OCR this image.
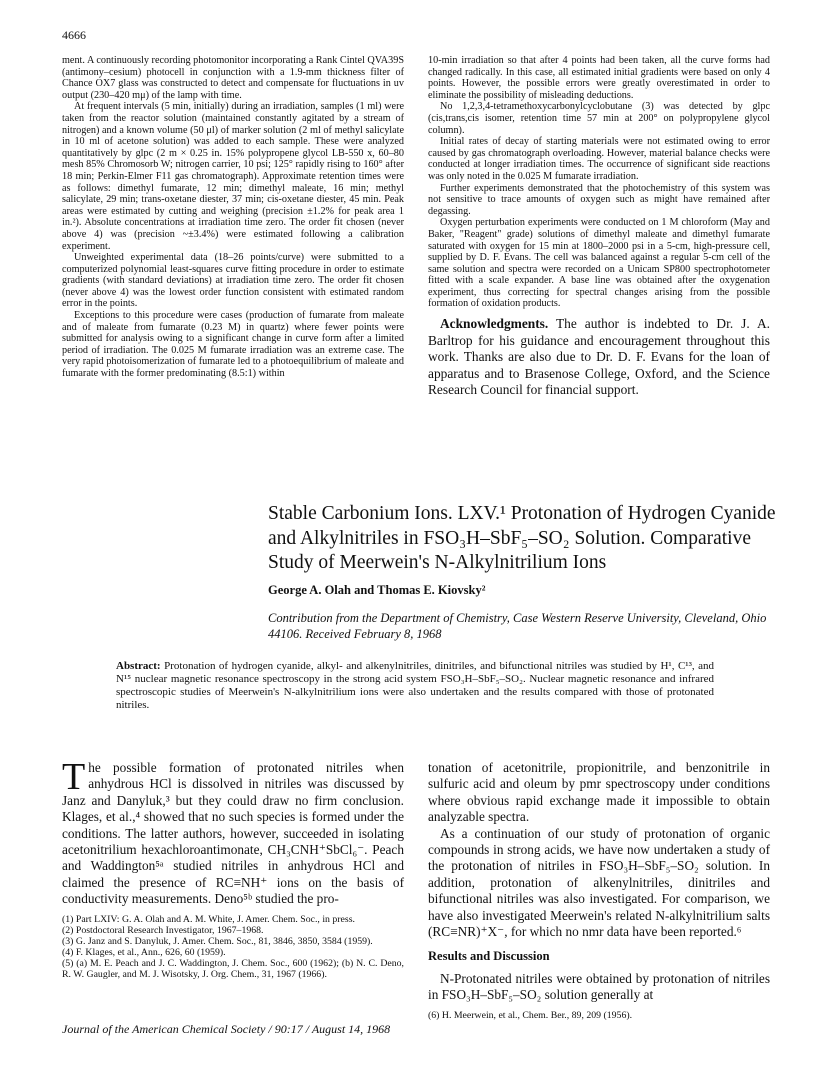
4666

ment. A continuously recording photomonitor incorporating a Rank Cintel QVA39S (antimony–cesium) photocell in conjunction with a 1.9-mm thickness filter of Chance OX7 glass was constructed to detect and compensate for fluctuations in uv output (230–420 mμ) of the lamp with time.

At frequent intervals (5 min, initially) during an irradiation, samples (1 ml) were taken from the reactor solution (maintained constantly agitated by a stream of nitrogen) and a known volume (50 μl) of marker solution (2 ml of methyl salicylate in 10 ml of acetone solution) was added to each sample. These were analyzed quantitatively by glpc (2 m × 0.25 in. 15% polypropene glycol LB-550 x, 60–80 mesh 85% Chromosorb W; nitrogen carrier, 10 psi; 125° rapidly rising to 160° after 18 min; Perkin-Elmer F11 gas chromatograph). Approximate retention times were as follows: dimethyl fumarate, 12 min; dimethyl maleate, 16 min; methyl salicylate, 29 min; trans-oxetane diester, 37 min; cis-oxetane diester, 45 min. Peak areas were estimated by cutting and weighing (precision ±1.2% for peak area 1 in.²). Absolute concentrations at irradiation time zero. The order fit chosen (never above 4) was (precision ~±3.4%) were estimated following a calibration experiment.

Unweighted experimental data (18–26 points/curve) were submitted to a computerized polynomial least-squares curve fitting procedure in order to estimate gradients (with standard deviations) at irradiation time zero. The order fit chosen (never above 4) was the lowest order function consistent with estimated random error in the points.

Exceptions to this procedure were cases (production of fumarate from maleate and of maleate from fumarate (0.23 M) in quartz) where fewer points were submitted for analysis owing to a significant change in curve form after a limited period of irradiation. The 0.025 M fumarate irradiation was an extreme case. The very rapid photoisomerization of fumarate led to a photoequilibrium of maleate and fumarate with the former predominating (8.5:1) within

10-min irradiation so that after 4 points had been taken, all the curve forms had changed radically. In this case, all estimated initial gradients were based on only 4 points. However, the possible errors were greatly overestimated in order to eliminate the possibility of misleading deductions.

No 1,2,3,4-tetramethoxycarbonylcyclobutane (3) was detected by glpc (cis,trans,cis isomer, retention time 57 min at 200° on polypropylene glycol column).

Initial rates of decay of starting materials were not estimated owing to error caused by gas chromatograph overloading. However, material balance checks were conducted at longer irradiation times. The occurrence of significant side reactions was only noted in the 0.025 M fumarate irradiation.

Further experiments demonstrated that the photochemistry of this system was not sensitive to trace amounts of oxygen such as might have remained after degassing.

Oxygen perturbation experiments were conducted on 1 M chloroform (May and Baker, "Reagent" grade) solutions of dimethyl maleate and dimethyl fumarate saturated with oxygen for 15 min at 1800–2000 psi in a 5-cm, high-pressure cell, supplied by D. F. Evans. The cell was balanced against a regular 5-cm cell of the same solution and spectra were recorded on a Unicam SP800 spectrophotometer fitted with a scale expander. A base line was obtained after the oxygenation experiment, thus correcting for spectral changes arising from the possible formation of oxidation products.

Acknowledgments. The author is indebted to Dr. J. A. Barltrop for his guidance and encouragement throughout this work. Thanks are also due to Dr. D. F. Evans for the loan of apparatus and to Brasenose College, Oxford, and the Science Research Council for financial support.

Stable Carbonium Ions. LXV.¹ Protonation of Hydrogen Cyanide and Alkylnitriles in FSO₃H–SbF₅–SO₂ Solution. Comparative Study of Meerwein's N-Alkylnitrilium Ions
George A. Olah and Thomas E. Kiovsky²
Contribution from the Department of Chemistry, Case Western Reserve University, Cleveland, Ohio 44106. Received February 8, 1968
Abstract: Protonation of hydrogen cyanide, alkyl- and alkenylnitriles, dinitriles, and bifunctional nitriles was studied by H¹, C¹³, and N¹⁵ nuclear magnetic resonance spectroscopy in the strong acid system FSO₃H–SbF₅–SO₂. Nuclear magnetic resonance and infrared spectroscopic studies of Meerwein's N-alkylnitrilium ions were also undertaken and the results compared with those of protonated nitriles.

The possible formation of protonated nitriles when anhydrous HCl is dissolved in nitriles was discussed by Janz and Danyluk,³ but they could draw no firm conclusion. Klages, et al.,⁴ showed that no such species is formed under the conditions. The latter authors, however, succeeded in isolating acetonitrilium hexachloroantimonate, CH₃CNH⁺SbCl₆⁻. Peach and Waddington⁵ᵃ studied nitriles in anhydrous HCl and claimed the presence of RC≡NH⁺ ions on the basis of conductivity measurements. Deno⁵ᵇ studied the pro-

(1) Part LXIV: G. A. Olah and A. M. White, J. Amer. Chem. Soc., in press.

(2) Postdoctoral Research Investigator, 1967–1968.

(3) G. Janz and S. Danyluk, J. Amer. Chem. Soc., 81, 3846, 3850, 3584 (1959).

(4) F. Klages, et al., Ann., 626, 60 (1959).

(5) (a) M. E. Peach and J. C. Waddington, J. Chem. Soc., 600 (1962); (b) N. C. Deno, R. W. Gaugler, and M. J. Wisotsky, J. Org. Chem., 31, 1967 (1966).

tonation of acetonitrile, propionitrile, and benzonitrile in sulfuric acid and oleum by pmr spectroscopy under conditions where obvious rapid exchange made it impossible to obtain analyzable spectra.

As a continuation of our study of protonation of organic compounds in strong acids, we have now undertaken a study of the protonation of nitriles in FSO₃H–SbF₅–SO₂ solution. In addition, protonation of alkenylnitriles, dinitriles and bifunctional nitriles was also investigated. For comparison, we have also investigated Meerwein's related N-alkylnitrilium salts (RC≡NR)⁺X⁻, for which no nmr data have been reported.⁶

Results and Discussion

N-Protonated nitriles were obtained by protonation of nitriles in FSO₃H–SbF₅–SO₂ solution generally at

(6) H. Meerwein, et al., Chem. Ber., 89, 209 (1956).

Journal of the American Chemical Society / 90:17 / August 14, 1968
